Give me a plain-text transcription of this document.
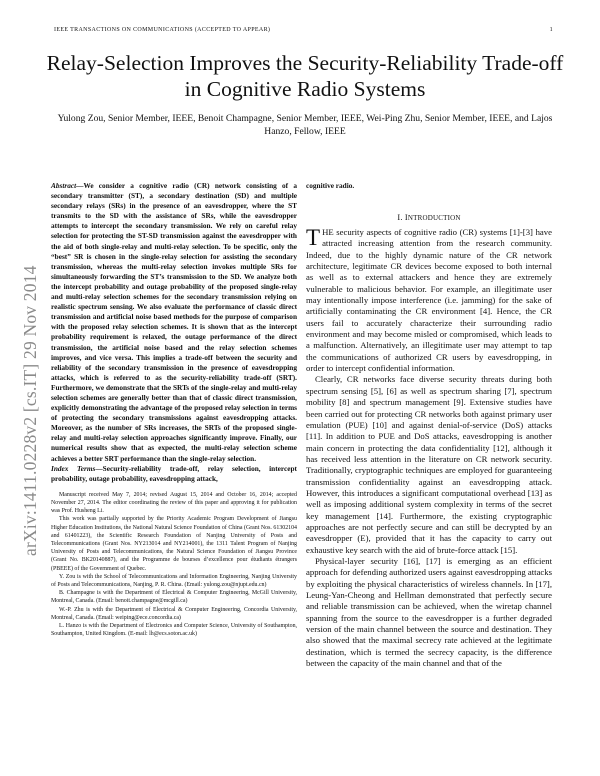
IEEE TRANSACTIONS ON COMMUNICATIONS (ACCEPTED TO APPEAR)	1
Relay-Selection Improves the Security-Reliability Trade-off in Cognitive Radio Systems
Yulong Zou, Senior Member, IEEE, Benoit Champagne, Senior Member, IEEE, Wei-Ping Zhu, Senior Member, IEEE, and Lajos Hanzo, Fellow, IEEE
arXiv:1411.0228v2 [cs.IT] 29 Nov 2014

Abstract—We consider a cognitive radio (CR) network consisting of a secondary transmitter (ST), a secondary destination (SD) and multiple secondary relays (SRs) in the presence of an eavesdropper, where the ST transmits to the SD with the assistance of SRs, while the eavesdropper attempts to intercept the secondary transmission. We rely on careful relay selection for protecting the ST-SD transmission against the eavesdropper with the aid of both single-relay and multi-relay selection. To be specific, only the “best” SR is chosen in the single-relay selection for assisting the secondary transmission, whereas the multi-relay selection invokes multiple SRs for simultaneously forwarding the ST’s transmission to the SD. We analyze both the intercept probability and outage probability of the proposed single-relay and multi-relay selection schemes for the secondary transmission relying on realistic spectrum sensing. We also evaluate the performance of classic direct transmission and artificial noise based methods for the purpose of comparison with the proposed relay selection schemes. It is shown that as the intercept probability requirement is relaxed, the outage performance of the direct transmission, the artificial noise based and the relay selection schemes improves, and vice versa. This implies a trade-off between the security and reliability of the secondary transmission in the presence of eavesdropping attacks, which is referred to as the security-reliability trade-off (SRT). Furthermore, we demonstrate that the SRTs of the single-relay and multi-relay selection schemes are generally better than that of classic direct transmission, explicitly demonstrating the advantage of the proposed relay selection in terms of protecting the secondary transmissions against eavesdropping attacks. Moreover, as the number of SRs increases, the SRTs of the proposed single-relay and multi-relay selection approaches significantly improve. Finally, our numerical results show that as expected, the multi-relay selection scheme achieves a better SRT performance than the single-relay selection.

Index Terms—Security-reliability trade-off, relay selection, intercept probability, outage probability, eavesdropping attack,

Manuscript received May 7, 2014; revised August 15, 2014 and October 16, 2014; accepted November 27, 2014. The editor coordinating the review of this paper and approving it for publication was Prof. Husheng Li.

This work was partially supported by the Priority Academic Program Development of Jiangsu Higher Education Institutions, the National Natural Science Foundation of China (Grant Nos. 61302104 and 61401223), the Scientific Research Foundation of Nanjing University of Posts and Telecommunications (Grant Nos. NY213014 and NY214001), the 1311 Talent Program of Nanjing University of Posts and Telecommunications, the Natural Science Foundation of Jiangsu Province (Grant No. BK20140887), and the Programme de bourses d’excellence pour étudiants étrangers (PBEEE) of the Government of Quebec.

Y. Zou is with the School of Telecommunications and Information Engineering, Nanjing University of Posts and Telecommunications, Nanjing, P. R. China. (Email: yulong.zou@njupt.edu.cn)

B. Champagne is with the Department of Electrical & Computer Engineering, McGill University, Montreal, Canada. (Email: benoit.champagne@mcgill.ca)

W.-P. Zhu is with the Department of Electrical & Computer Engineering, Concordia University, Montreal, Canada. (Email: weiping@ece.concordia.ca)

L. Hanzo is with the Department of Electronics and Computer Science, University of Southampton, Southampton, United Kingdom. (E-mail: lh@ecs.soton.ac.uk)

cognitive radio.

I. INTRODUCTION

THE security aspects of cognitive radio (CR) systems [1]-[3] have attracted increasing attention from the research community. Indeed, due to the highly dynamic nature of the CR network architecture, legitimate CR devices become exposed to both internal as well as to external attackers and hence they are extremely vulnerable to malicious behavior. For example, an illegitimate user may intentionally impose interference (i.e. jamming) for the sake of artificially contaminating the CR environment [4]. Hence, the CR users fail to accurately characterize their surrounding radio environment and may become misled or compromised, which leads to a malfunction. Alternatively, an illegitimate user may attempt to tap the communications of authorized CR users by eavesdropping, in order to intercept confidential information.

Clearly, CR networks face diverse security threats during both spectrum sensing [5], [6] as well as spectrum sharing [7], spectrum mobility [8] and spectrum management [9]. Extensive studies have been carried out for protecting CR networks both against primary user emulation (PUE) [10] and against denial-of-service (DoS) attacks [11]. In addition to PUE and DoS attacks, eavesdropping is another main concern in protecting the data confidentiality [12], although it has received less attention in the literature on CR network security. Traditionally, cryptographic techniques are employed for guaranteeing transmission confidentiality against an eavesdropping attack. However, this introduces a significant computational overhead [13] as well as imposing additional system complexity in terms of the secret key management [14]. Furthermore, the existing cryptographic approaches are not perfectly secure and can still be decrypted by an eavesdropper (E), provided that it has the capacity to carry out exhaustive key search with the aid of brute-force attack [15].

Physical-layer security [16], [17] is emerging as an efficient approach for defending authorized users against eavesdropping attacks by exploiting the physical characteristics of wireless channels. In [17], Leung-Yan-Cheong and Hellman demonstrated that perfectly secure and reliable transmission can be achieved, when the wiretap channel spanning from the source to the eavesdropper is a further degraded version of the main channel between the source and destination. They also showed that the maximal secrecy rate achieved at the legitimate destination, which is termed the secrecy capacity, is the difference between the capacity of the main channel and that of the
